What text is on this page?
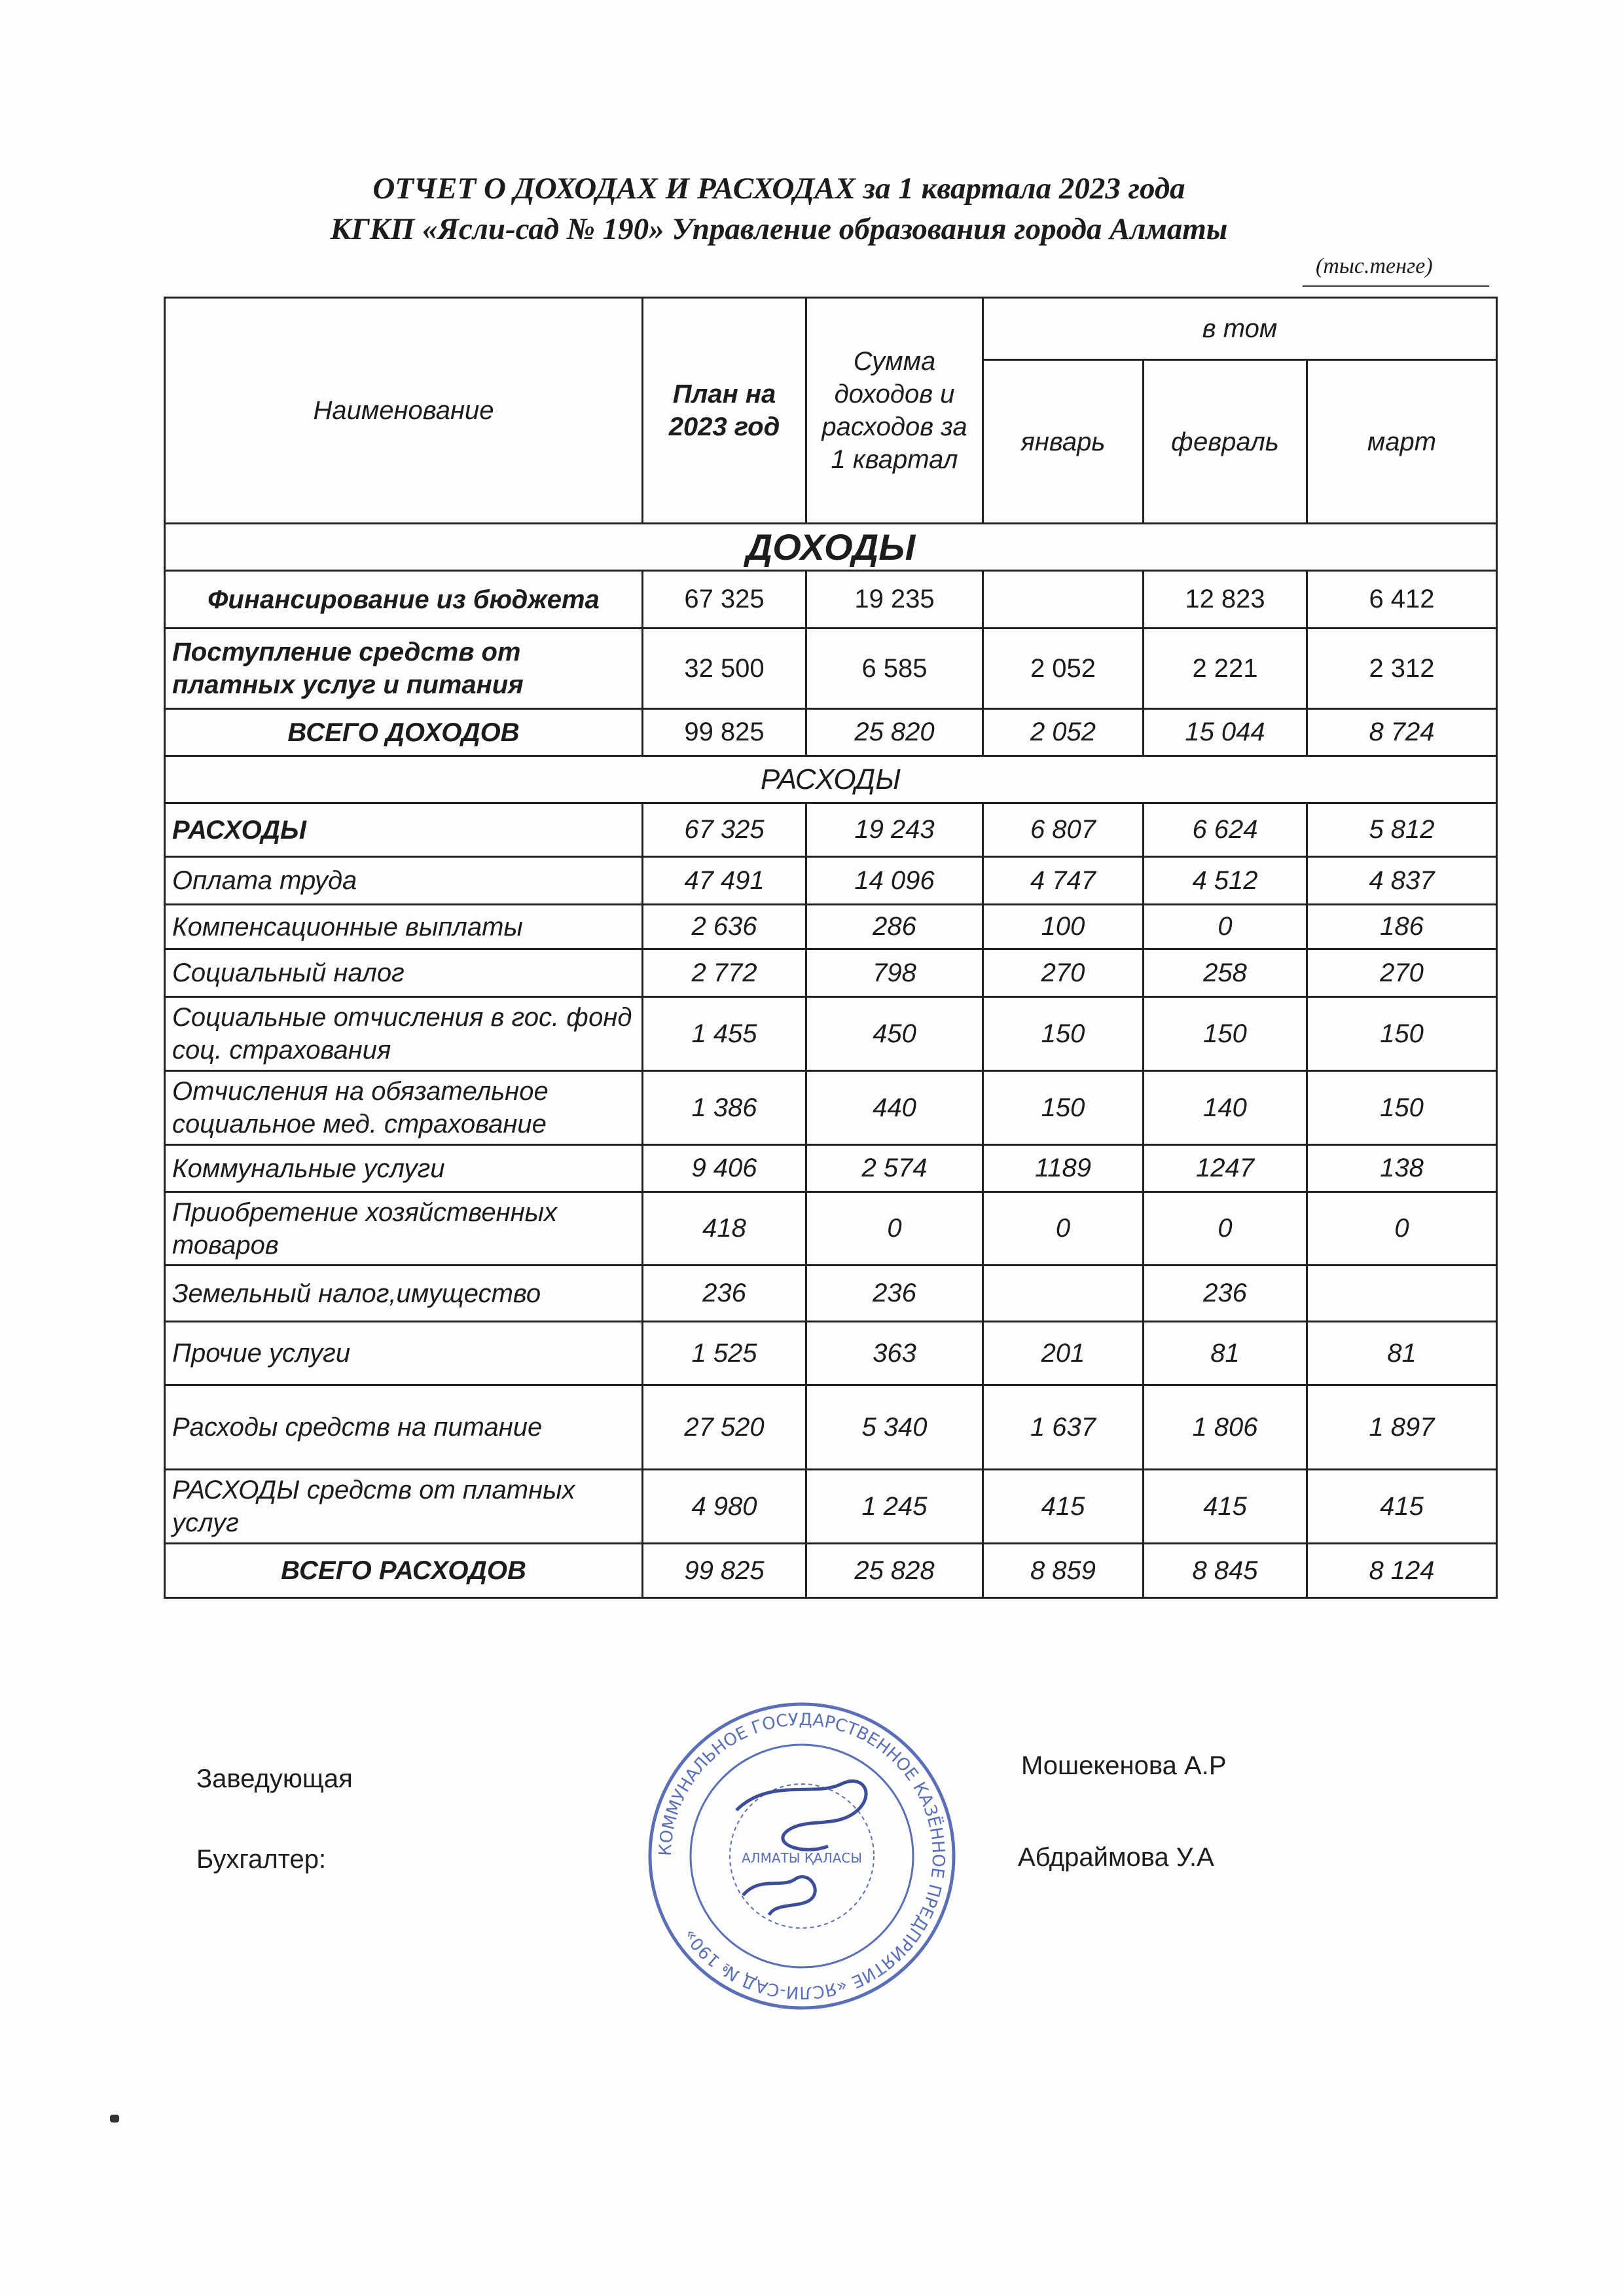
ОТЧЕТ О ДОХОДАХ И РАСХОДАХ за 1 квартала 2023 года
КГКП «Ясли-сад № 190» Управление образования города Алматы
(тыс.тенге)
Наименование	План на 2023 год	Сумма доходов и расходов за 1 квартал	в том		
			январь	февраль	март
ДОХОДЫ					
Финансирование из бюджета	67 325	19 235		12 823	6 412
Поступление средств от платных услуг и питания	32 500	6 585	2 052	2 221	2 312
ВСЕГО ДОХОДОВ	99 825	25 820	2 052	15 044	8 724
РАСХОДЫ					
РАСХОДЫ	67 325	19 243	6 807	6 624	5 812
Оплата труда	47 491	14 096	4 747	4 512	4 837
Компенсационные выплаты	2 636	286	100	0	186
Социальный налог	2 772	798	270	258	270
Социальные отчисления в гос. фонд соц. страхования	1 455	450	150	150	150
Отчисления на обязательное социальное мед. страхование	1 386	440	150	140	150
Коммунальные услуги	9 406	2 574	1189	1247	138
Приобретение хозяйственных товаров	418	0	0	0	0
Земельный налог,имущество	236	236		236	
Прочие услуги	1 525	363	201	81	81
Расходы средств на питание	27 520	5 340	1 637	1 806	1 897
РАСХОДЫ средств от платных услуг	4 980	1 245	415	415	415
ВСЕГО РАСХОДОВ	99 825	25 828	8 859	8 845	8 124
Заведующая	Мошекенова А.Р
Бухгалтер:	Абдраймова У.А
КОММУНАЛЬНОЕ ГОСУДАРСТВЕННОЕ КАЗЁННОЕ ПРЕДПРИЯТИЕ «ЯСЛИ-САД № 190»
АЛМАТЫ ҚАЛАСЫ
